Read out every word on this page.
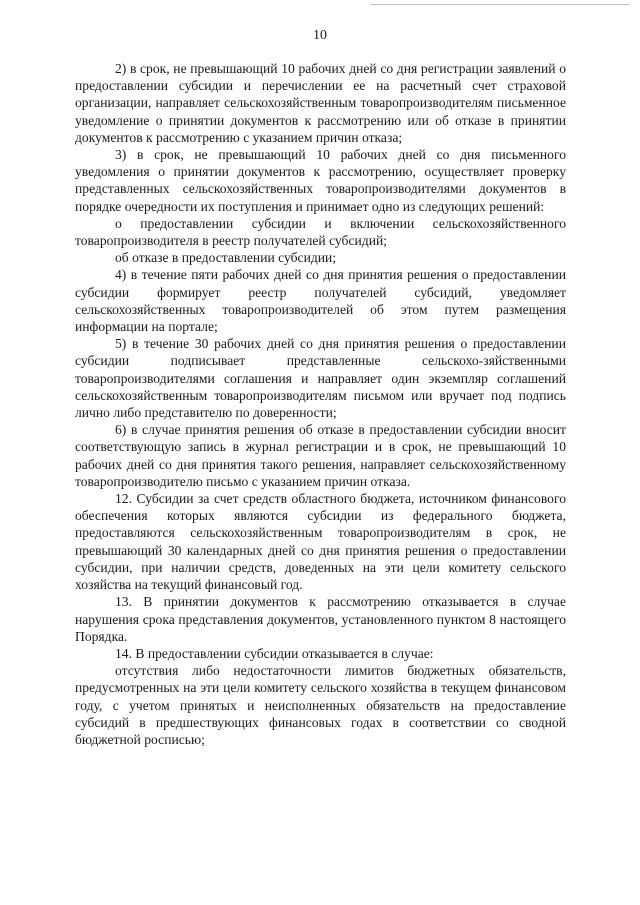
10

2) в срок, не превышающий 10 рабочих дней со дня регистрации заявлений о предоставлении субсидии и перечислении ее на расчетный счет страховой организации, направляет сельскохозяйственным товаропроизводителям письменное уведомление о принятии документов к рассмотрению или об отказе в принятии документов к рассмотрению с указанием причин отказа;

3) в срок, не превышающий 10 рабочих дней со дня письменного уведомления о принятии документов к рассмотрению, осуществляет проверку представленных сельскохозяйственных товаропроизводителями документов в порядке очередности их поступления и принимает одно из следующих решений:

о предоставлении субсидии и включении сельскохозяйственного товаропроизводителя в реестр получателей субсидий;

об отказе в предоставлении субсидии;

4) в течение пяти рабочих дней со дня принятия решения о предоставлении субсидии формирует реестр получателей субсидий, уведомляет сельскохозяйственных товаропроизводителей об этом путем размещения информации на портале;

5) в течение 30 рабочих дней со дня принятия решения о предоставлении субсидии подписывает представленные сельскохо-зяйственными товаропроизводителями соглашения и направляет один экземпляр соглашений сельскохозяйственным товаропроизводителям письмом или вручает под подпись лично либо представителю по доверенности;

6) в случае принятия решения об отказе в предоставлении субсидии вносит соответствующую запись в журнал регистрации и в срок, не превышающий 10 рабочих дней со дня принятия такого решения, направляет сельскохозяйственному товаропроизводителю письмо с указанием причин отказа.

12. Субсидии за счет средств областного бюджета, источником финансового обеспечения которых являются субсидии из федерального бюджета, предоставляются сельскохозяйственным товаропроизводителям в срок, не превышающий 30 календарных дней со дня принятия решения о предоставлении субсидии, при наличии средств, доведенных на эти цели комитету сельского хозяйства на текущий финансовый год.

13. В принятии документов к рассмотрению отказывается в случае нарушения срока представления документов, установленного пунктом 8 настоящего Порядка.

14. В предоставлении субсидии отказывается в случае:

отсутствия либо недостаточности лимитов бюджетных обязательств, предусмотренных на эти цели комитету сельского хозяйства в текущем финансовом году, с учетом принятых и неисполненных обязательств на предоставление субсидий в предшествующих финансовых годах в соответствии со сводной бюджетной росписью;
